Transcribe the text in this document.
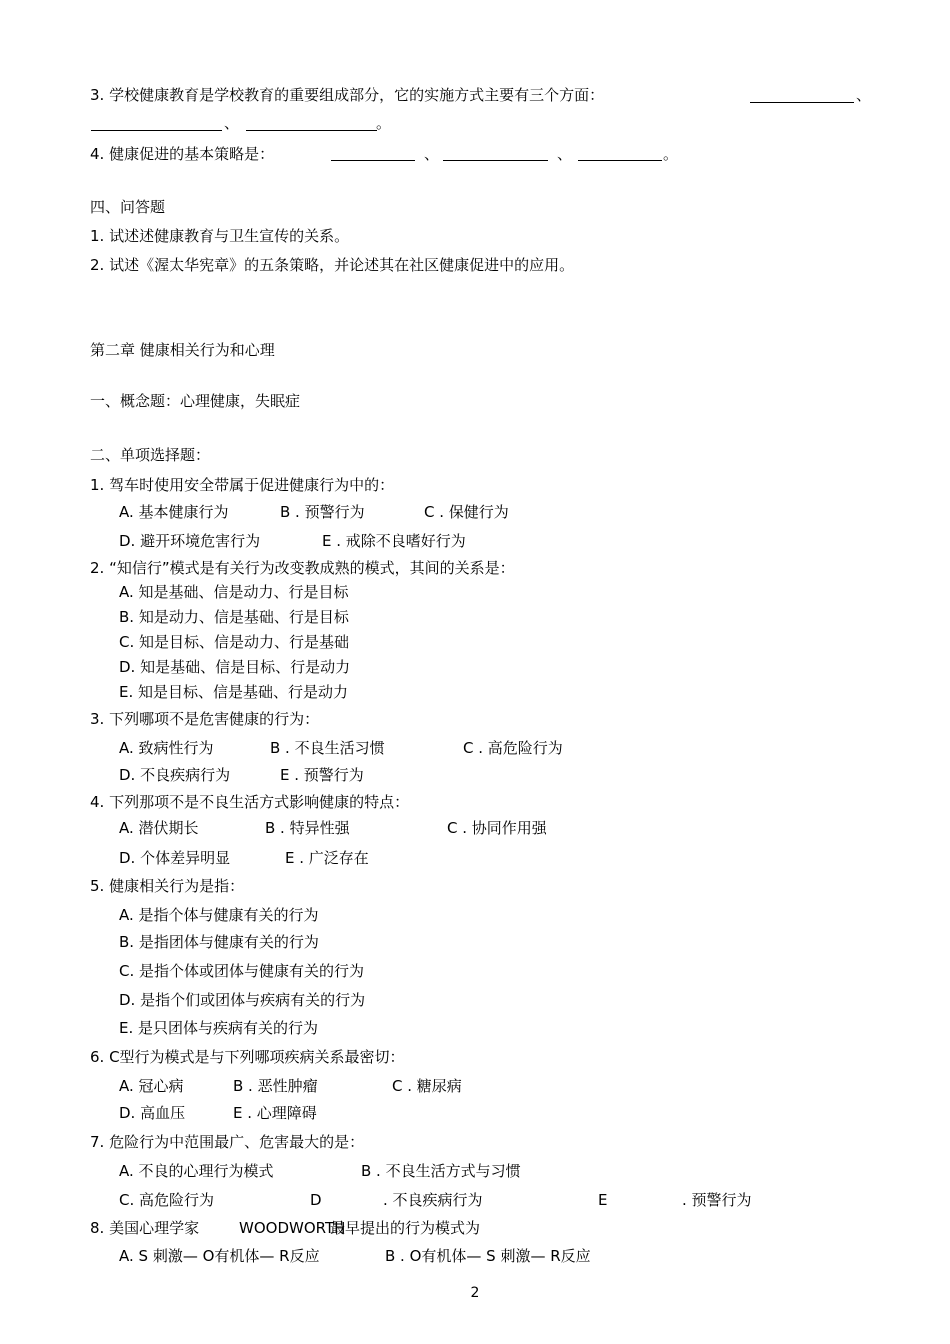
3. 学校健康教育是学校教育的重要组成部分，它的实施方式主要有三个方面：	、
、	。
4. 健康促进的基本策略是：	、	、	。
四、问答题
1. 试述述健康教育与卫生宣传的关系。
2. 试述《渥太华宪章》的五条策略，并论述其在社区健康促进中的应用。
第二章 健康相关行为和心理
一、概念题：心理健康，失眠症
二、单项选择题：
1. 驾车时使用安全带属于促进健康行为中的：
A. 基本健康行为	B . 预警行为	C . 保健行为
D. 避开环境危害行为	E . 戒除不良嗜好行为
2. “知信行”模式是有关行为改变教成熟的模式，其间的关系是：
A. 知是基础、信是动力、行是目标
B. 知是动力、信是基础、行是目标
C. 知是目标、信是动力、行是基础
D. 知是基础、信是目标、行是动力
E. 知是目标、信是基础、行是动力
3. 下列哪项不是危害健康的行为：
A. 致病性行为	B . 不良生活习惯	C . 高危险行为
D. 不良疾病行为	E . 预警行为
4. 下列那项不是不良生活方式影响健康的特点：
A. 潜伏期长	B . 特异性强	C . 协同作用强
D. 个体差异明显	E . 广泛存在
5. 健康相关行为是指：
A. 是指个体与健康有关的行为
B. 是指团体与健康有关的行为
C. 是指个体或团体与健康有关的行为
D. 是指个们或团体与疾病有关的行为
E. 是只团体与疾病有关的行为
6. C型行为模式是与下列哪项疾病关系最密切：
A. 冠心病	B . 恶性肿瘤	C . 糖尿病
D. 高血压	E . 心理障碍
7. 危险行为中范围最广、危害最大的是：
A. 不良的心理行为模式	B . 不良生活方式与习惯
C. 高危险行为	D	. 不良疾病行为	E	. 预警行为
8. 美国心理学家	WOODWORTH
最早提出的行为模式为
A. S 刺激— O有机体— R反应	B . O有机体— S 刺激— R反应
2
